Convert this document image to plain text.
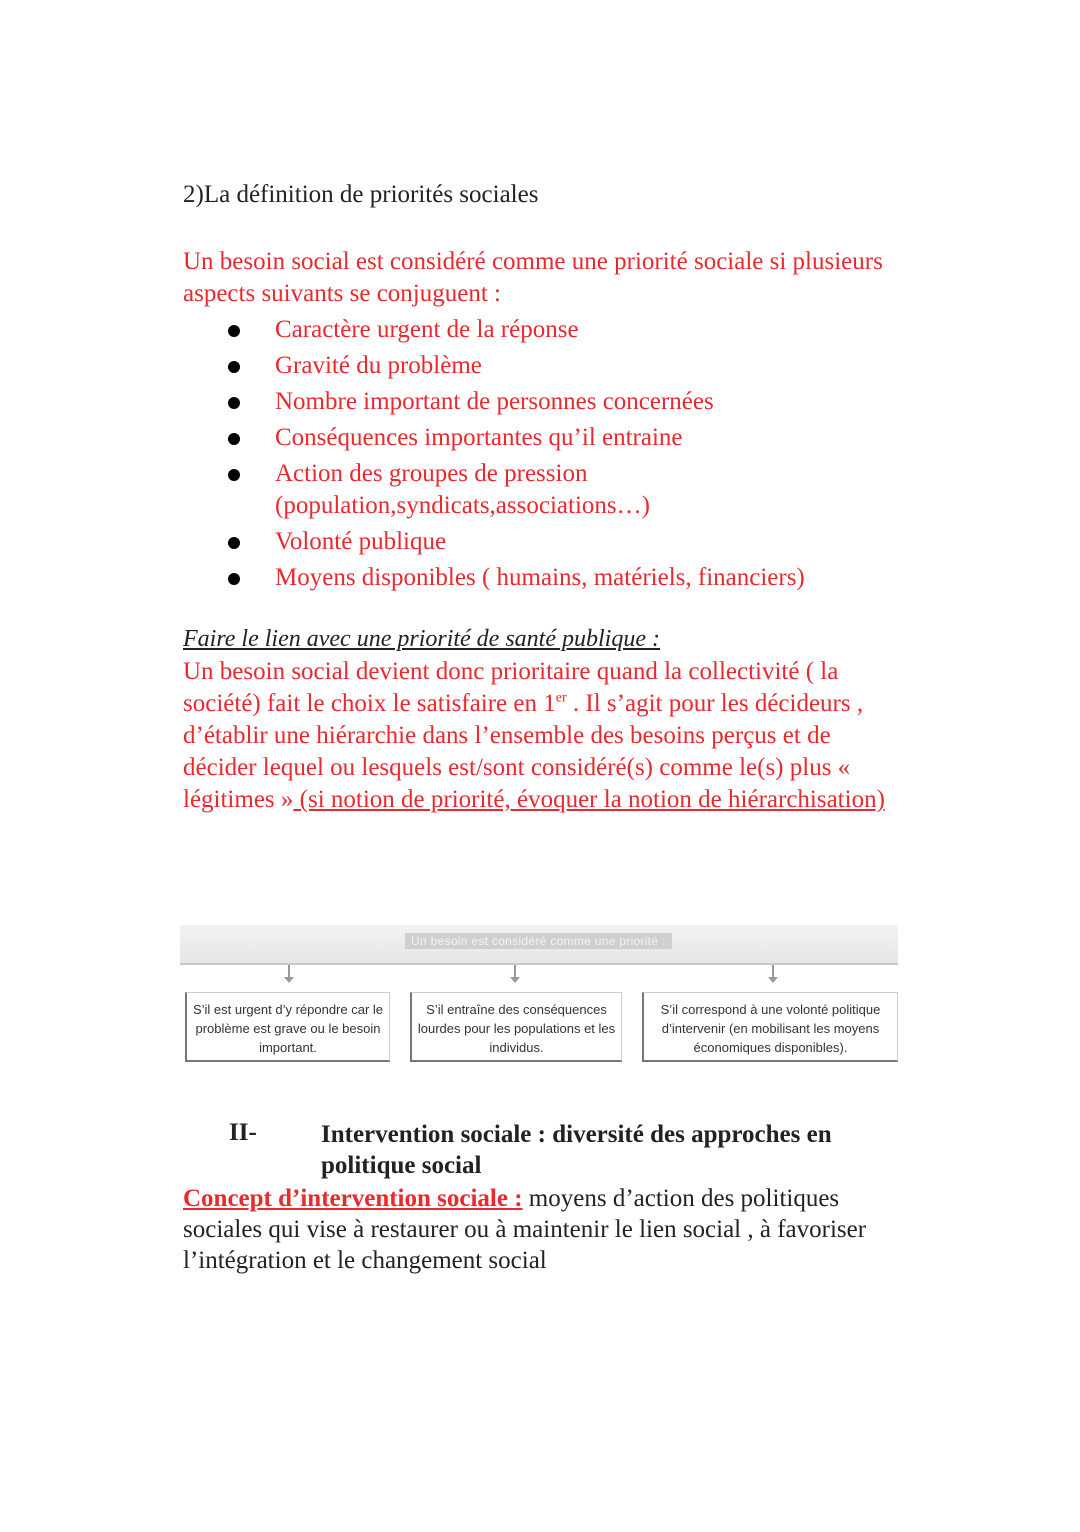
2)La définition de priorités sociales
Un besoin social est considéré comme une priorité sociale si plusieurs aspects suivants se conjuguent :
Caractère urgent de la réponse
Gravité du problème
Nombre important de personnes concernées
Conséquences importantes qu’il entraine
Action des groupes de pression (population,syndicats,associations…)
Volonté publique
Moyens disponibles ( humains, matériels, financiers)
Faire le lien avec une priorité de santé publique :
Un besoin social devient donc prioritaire quand la collectivité ( la société) fait le choix le satisfaire en 1er . Il s’agit pour les décideurs , d’établir une hiérarchie dans l’ensemble des besoins perçus et de décider lequel ou lesquels est/sont considéré(s) comme le(s) plus « légitimes » (si notion de priorité, évoquer la notion de hiérarchisation)
Un besoin est considéré comme une priorité :
S’il est urgent d’y répondre car le problème est grave ou le besoin important.
S’il entraîne des conséquences lourdes pour les populations et les individus.
S’il correspond à une volonté politique d’intervenir (en mobilisant les moyens économiques disponibles).
II-	Intervention sociale : diversité des approches en politique social
Concept d’intervention sociale : moyens d’action des politiques sociales qui vise à restaurer ou à maintenir le lien social , à favoriser l’intégration et le changement social
